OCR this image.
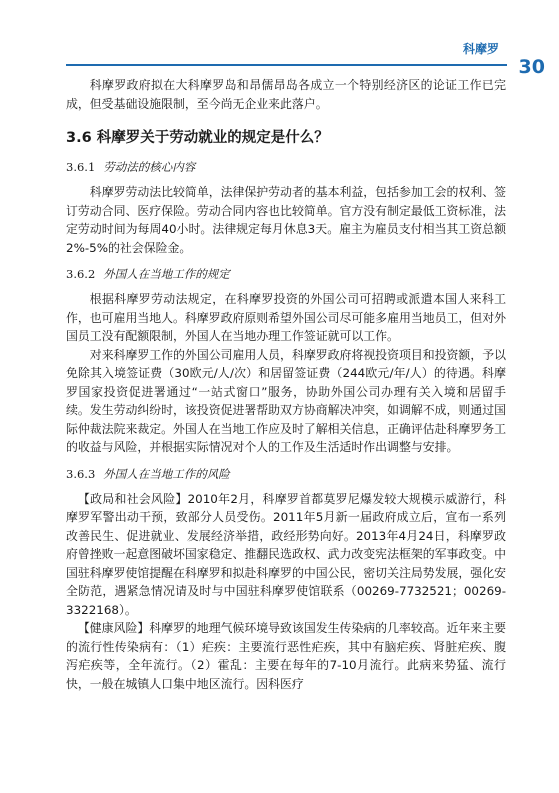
科摩罗
30

科摩罗政府拟在大科摩罗岛和昂儒昂岛各成立一个特别经济区的论证工作已完成，但受基础设施限制，至今尚无企业来此落户。

3.6 科摩罗关于劳动就业的规定是什么？
3.6.1 劳动法的核心内容

科摩罗劳动法比较简单，法律保护劳动者的基本利益，包括参加工会的权利、签订劳动合同、医疗保险。劳动合同内容也比较简单。官方没有制定最低工资标准，法定劳动时间为每周40小时。法律规定每月休息3天。雇主为雇员支付相当其工资总额2%-5%的社会保险金。

3.6.2 外国人在当地工作的规定

根据科摩罗劳动法规定，在科摩罗投资的外国公司可招聘或派遣本国人来科工作，也可雇用当地人。科摩罗政府原则希望外国公司尽可能多雇用当地员工，但对外国员工没有配额限制，外国人在当地办理工作签证就可以工作。

对来科摩罗工作的外国公司雇用人员，科摩罗政府将视投资项目和投资额，予以免除其入境签证费（30欧元/人/次）和居留签证费（244欧元/年/人）的待遇。科摩罗国家投资促进署通过“一站式窗口”服务，协助外国公司办理有关入境和居留手续。发生劳动纠纷时，该投资促进署帮助双方协商解决冲突，如调解不成，则通过国际仲裁法院来裁定。外国人在当地工作应及时了解相关信息，正确评估赴科摩罗务工的收益与风险，并根据实际情况对个人的工作及生活适时作出调整与安排。

3.6.3 外国人在当地工作的风险

【政局和社会风险】2010年2月，科摩罗首都莫罗尼爆发较大规模示威游行，科摩罗军警出动干预，致部分人员受伤。2011年5月新一届政府成立后，宣布一系列改善民生、促进就业、发展经济举措，政经形势向好。2013年4月24日，科摩罗政府曾挫败一起意图破坏国家稳定、推翻民选政权、武力改变宪法框架的军事政变。中国驻科摩罗使馆提醒在科摩罗和拟赴科摩罗的中国公民，密切关注局势发展，强化安全防范，遇紧急情况请及时与中国驻科摩罗使馆联系（00269-7732521；00269-3322168）。

【健康风险】科摩罗的地理气候环境导致该国发生传染病的几率较高。近年来主要的流行性传染病有：（1）疟疾：主要流行恶性疟疾，其中有脑疟疾、肾脏疟疾、腹泻疟疾等，全年流行。（2）霍乱：主要在每年的7-10月流行。此病来势猛、流行快，一般在城镇人口集中地区流行。因科医疗
